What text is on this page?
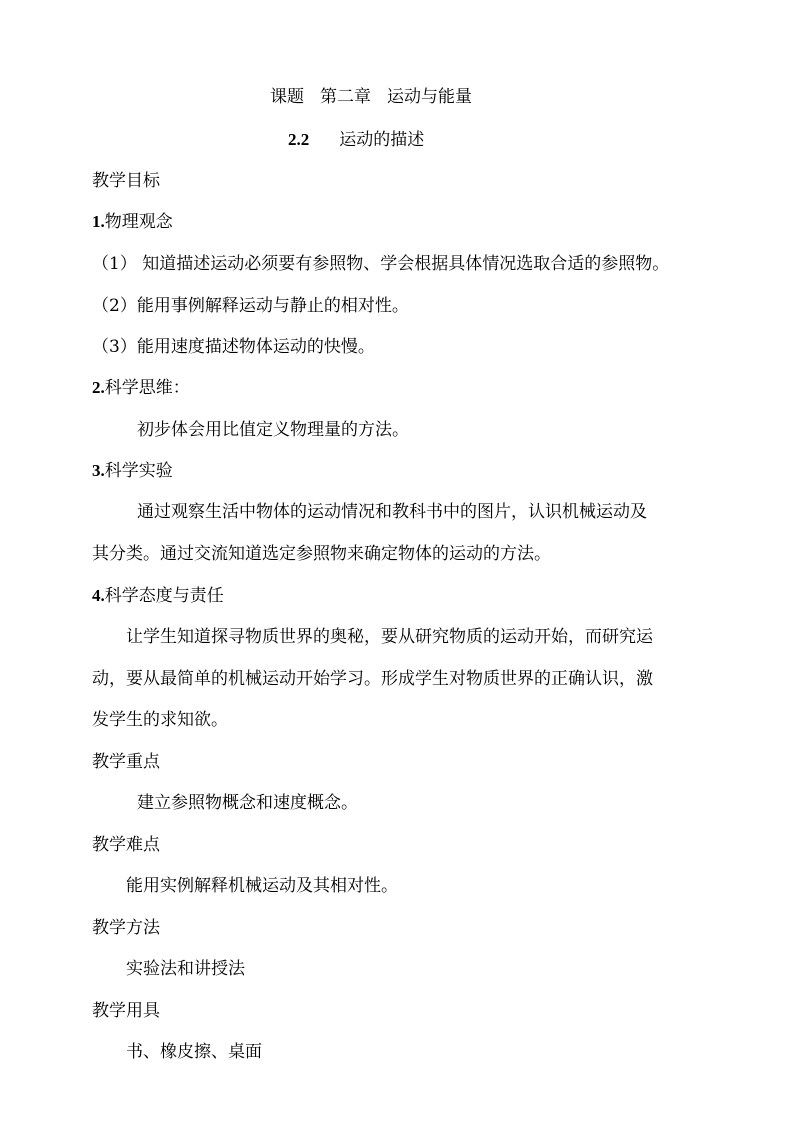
课题 第二章 运动与能量
2.2 运动的描述
教学目标
1.物理观念
（1） 知道描述运动必须要有参照物、学会根据具体情况选取合适的参照物。
（2）能用事例解释运动与静止的相对性。
（3）能用速度描述物体运动的快慢。
2.科学思维：
初步体会用比值定义物理量的方法。
3.科学实验
通过观察生活中物体的运动情况和教科书中的图片，认识机械运动及
其分类。通过交流知道选定参照物来确定物体的运动的方法。
4.科学态度与责任
让学生知道探寻物质世界的奥秘，要从研究物质的运动开始，而研究运
动，要从最简单的机械运动开始学习。形成学生对物质世界的正确认识，激
发学生的求知欲。
教学重点
建立参照物概念和速度概念。
教学难点
能用实例解释机械运动及其相对性。
教学方法
实验法和讲授法
教学用具
书、橡皮擦、桌面
